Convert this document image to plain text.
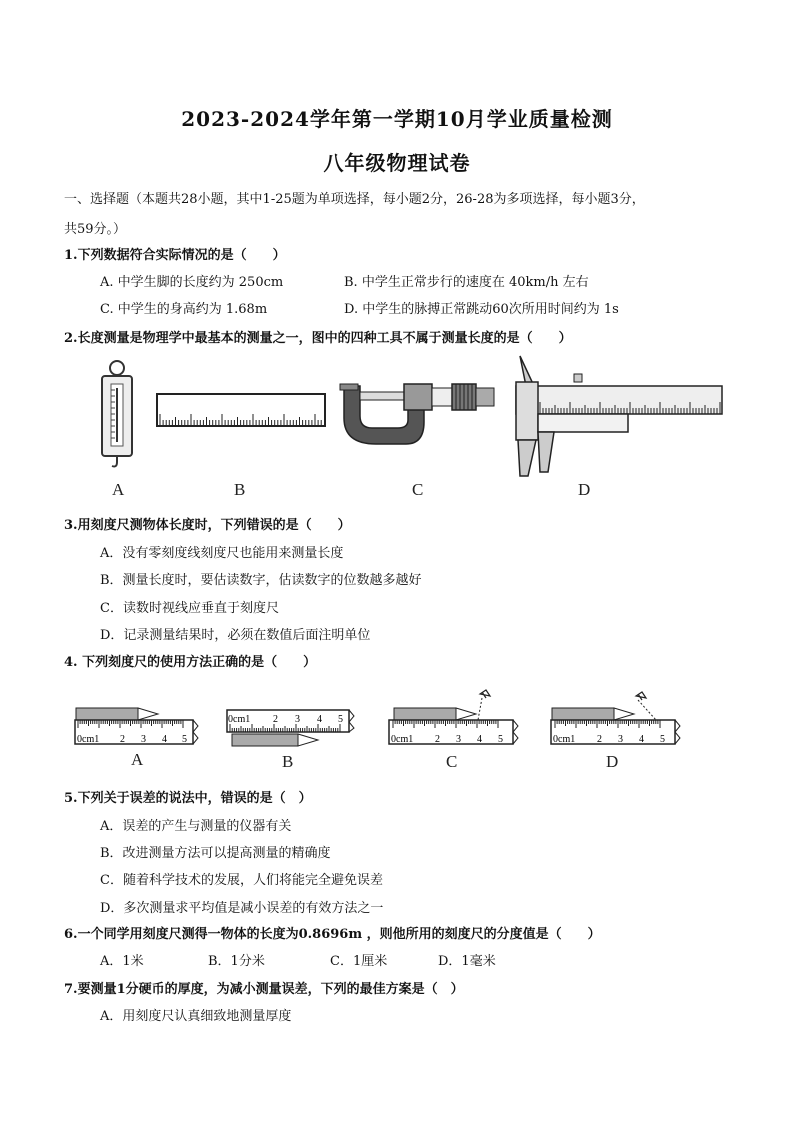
2023-2024学年第一学期10月学业质量检测
八年级物理试卷
一、选择题（本题共28小题，其中1-25题为单项选择，每小题2分，26-28为多项选择，每小题3分，
共59分。）
1.下列数据符合实际情况的是（　　）
A. 中学生脚的长度约为 250cm	B. 中学生正常步行的速度在 40km/h 左右
C. 中学生的身高约为 1.68m	D. 中学生的脉搏正常跳动60次所用时间约为 1s
2.长度测量是物理学中最基本的测量之一，图中的四种工具不属于测量长度的是（　　）
A	B	C	D
3.用刻度尺测物体长度时，下列错误的是（　　）
A．没有零刻度线刻度尺也能用来测量长度
B．测量长度时，要估读数字，估读数字的位数越多越好
C．读数时视线应垂直于刻度尺
D．记录测量结果时，必须在数值后面注明单位
4. 下列刻度尺的使用方法正确的是（　　）
0cm1 2 3 4 5
0cm1 2 3 4 5
0cm1 2 3 4 5	0cm1 2 3 4 5
A	B	C	D
5.下列关于误差的说法中，错误的是（　）
A．误差的产生与测量的仪器有关
B．改进测量方法可以提高测量的精确度
C．随着科学技术的发展，人们将能完全避免误差
D．多次测量求平均值是减小误差的有效方法之一
6.一个同学用刻度尺测得一物体的长度为0.8696m ，则他所用的刻度尺的分度值是（　　）
A．1米	B．1分米	C．1厘米	D．1毫米
7.要测量1分硬币的厚度，为减小测量误差，下列的最佳方案是（　）
A．用刻度尺认真细致地测量厚度
